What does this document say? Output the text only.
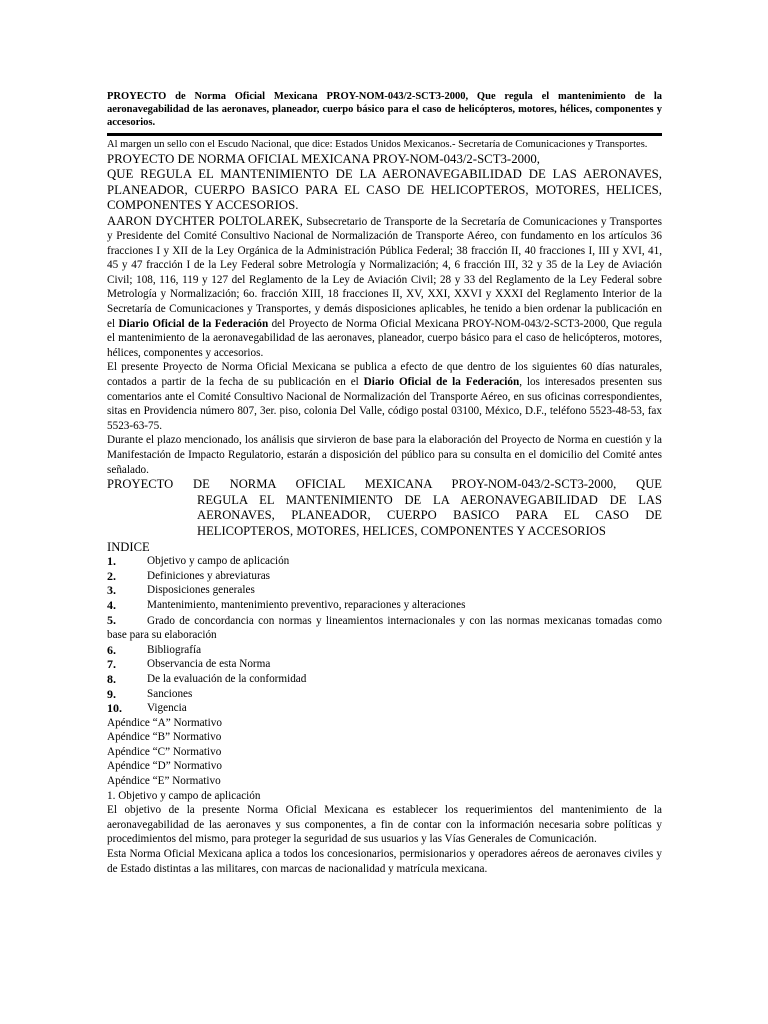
PROYECTO de Norma Oficial Mexicana PROY-NOM-043/2-SCT3-2000, Que regula el mantenimiento de la aeronavegabilidad de las aeronaves, planeador, cuerpo básico para el caso de helicópteros, motores, hélices, componentes y accesorios.

Al margen un sello con el Escudo Nacional, que dice: Estados Unidos Mexicanos.- Secretaría de Comunicaciones y Transportes.

PROYECTO DE NORMA OFICIAL MEXICANA PROY-NOM-043/2-SCT3-2000,

QUE REGULA EL MANTENIMIENTO DE LA AERONAVEGABILIDAD DE LAS AERONAVES, PLANEADOR, CUERPO BASICO PARA EL CASO DE HELICOPTEROS, MOTORES, HELICES, COMPONENTES Y ACCESORIOS.

AARON DYCHTER POLTOLAREK, Subsecretario de Transporte de la Secretaría de Comunicaciones y Transportes y Presidente del Comité Consultivo Nacional de Normalización de Transporte Aéreo, con fundamento en los artículos 36 fracciones I y XII de la Ley Orgánica de la Administración Pública Federal; 38 fracción II, 40 fracciones I, III y XVI, 41, 45 y 47 fracción I de la Ley Federal sobre Metrología y Normalización; 4, 6 fracción III, 32 y 35 de la Ley de Aviación Civil; 108, 116, 119 y 127 del Reglamento de la Ley de Aviación Civil; 28 y 33 del Reglamento de la Ley Federal sobre Metrología y Normalización; 6o. fracción XIII, 18 fracciones II, XV, XXI, XXVI y XXXI del Reglamento Interior de la Secretaría de Comunicaciones y Transportes, y demás disposiciones aplicables, he tenido a bien ordenar la publicación en el Diario Oficial de la Federación del Proyecto de Norma Oficial Mexicana PROY-NOM-043/2-SCT3-2000, Que regula el mantenimiento de la aeronavegabilidad de las aeronaves, planeador, cuerpo básico para el caso de helicópteros, motores, hélices, componentes y accesorios.

El presente Proyecto de Norma Oficial Mexicana se publica a efecto de que dentro de los siguientes 60 días naturales, contados a partir de la fecha de su publicación en el Diario Oficial de la Federación, los interesados presenten sus comentarios ante el Comité Consultivo Nacional de Normalización del Transporte Aéreo, en sus oficinas correspondientes, sitas en Providencia número 807, 3er. piso, colonia Del Valle, código postal 03100, México, D.F., teléfono 5523-48-53, fax 5523-63-75.

Durante el plazo mencionado, los análisis que sirvieron de base para la elaboración del Proyecto de Norma en cuestión y la Manifestación de Impacto Regulatorio, estarán a disposición del público para su consulta en el domicilio del Comité antes señalado.

PROYECTO DE NORMA OFICIAL MEXICANA PROY-NOM-043/2-SCT3-2000, QUE
REGULA EL MANTENIMIENTO DE LA AERONAVEGABILIDAD DE LAS
AERONAVES, PLANEADOR, CUERPO BASICO PARA EL CASO DE
HELICOPTEROS, MOTORES, HELICES, COMPONENTES Y ACCESORIOS

INDICE

1.	Objetivo y campo de aplicación
2.	Definiciones y abreviaturas
3.	Disposiciones generales
4.	Mantenimiento, mantenimiento preventivo, reparaciones y alteraciones
5.	Grado de concordancia con normas y lineamientos internacionales y con las normas mexicanas tomadas como base para su elaboración
6.	Bibliografía
7.	Observancia de esta Norma
8.	De la evaluación de la conformidad
9.	Sanciones
10.	Vigencia

Apéndice “A” Normativo

Apéndice “B” Normativo

Apéndice “C” Normativo

Apéndice “D” Normativo

Apéndice “E” Normativo

1. Objetivo y campo de aplicación

El objetivo de la presente Norma Oficial Mexicana es establecer los requerimientos del mantenimiento de la aeronavegabilidad de las aeronaves y sus componentes, a fin de contar con la información necesaria sobre políticas y procedimientos del mismo, para proteger la seguridad de sus usuarios y las Vías Generales de Comunicación.

Esta Norma Oficial Mexicana aplica a todos los concesionarios, permisionarios y operadores aéreos de aeronaves civiles y de Estado distintas a las militares, con marcas de nacionalidad y matrícula mexicana.
